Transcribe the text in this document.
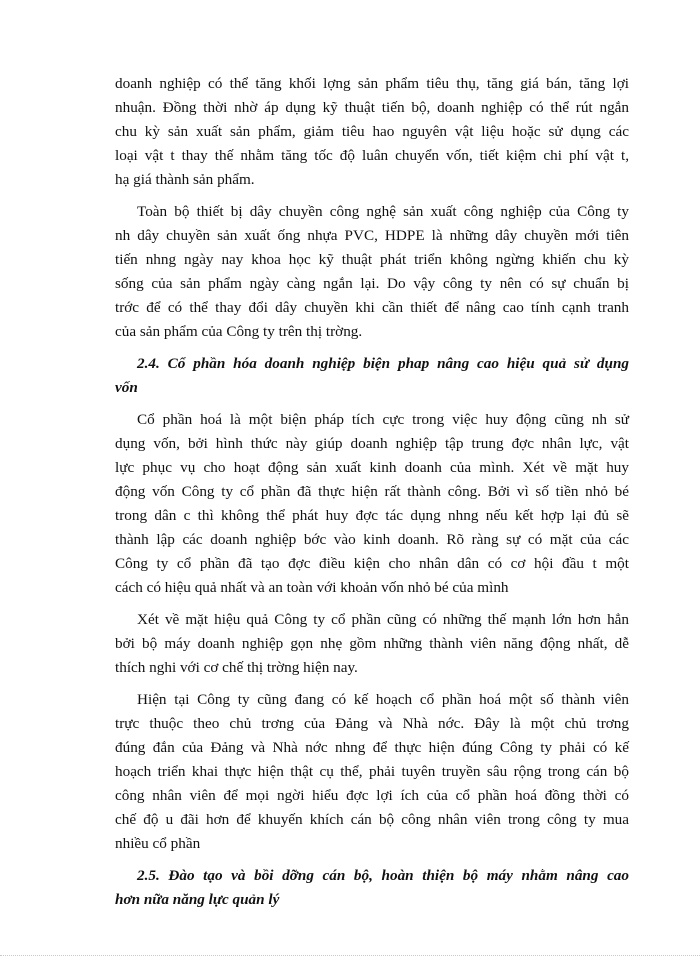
doanh nghiệp có thể tăng khối lợng sản phẩm tiêu thụ, tăng giá bán, tăng lợi
nhuận. Đồng thời nhờ áp dụng kỹ thuật tiến bộ, doanh nghiệp có thể rút ngắn
chu kỳ sản xuất sản phẩm, giảm tiêu hao nguyên vật liệu hoặc sử dụng các
loại vật t thay thế nhằm tăng tốc độ luân chuyển vốn, tiết kiệm chi phí vật t,
hạ giá thành sản phẩm.
Toàn bộ thiết bị dây chuyền công nghệ sản xuất công nghiệp của Công ty
nh dây chuyền sản xuất ống nhựa PVC, HDPE là những dây chuyền mới tiên
tiến nhng ngày nay khoa học kỹ thuật phát triển không ngừng khiến chu kỳ
sống của sản phẩm ngày càng ngắn lại. Do vậy công ty nên có sự chuẩn bị
trớc để có thể thay đổi dây chuyền khi cần thiết để nâng cao tính cạnh tranh
của sản phẩm của Công ty trên thị trờng.
2.4. Cổ phần hóa doanh nghiệp biện phap nâng cao hiệu quả sử dụng
vốn
Cổ phần hoá là một biện pháp tích cực trong việc huy động cũng nh sử
dụng vốn, bởi hình thức này giúp doanh nghiệp tập trung đợc nhân lực, vật
lực phục vụ cho hoạt động sản xuất kinh doanh của mình. Xét về mặt huy
động vốn Công ty cổ phần đã thực hiện rất thành công. Bởi vì số tiền nhỏ bé
trong dân c thì không thể phát huy đợc tác dụng nhng nếu kết hợp lại đủ sẽ
thành lập các doanh nghiệp bớc vào kinh doanh. Rõ ràng sự có mặt của các
Công ty cổ phần đã tạo đợc điều kiện cho nhân dân có cơ hội đầu t một
cách có hiệu quả nhất và an toàn với khoản vốn nhỏ bé của mình
Xét về mặt hiệu quả Công ty cổ phần cũng có những thế mạnh lớn hơn hẳn
bởi bộ máy doanh nghiệp gọn nhẹ gồm những thành viên năng động nhất, dễ
thích nghi với cơ chế thị trờng hiện nay.
Hiện tại Công ty cũng đang có kế hoạch cổ phần hoá một số thành viên
trực thuộc theo chủ trơng của Đảng và Nhà nớc. Đây là một chủ trơng
đúng đắn của Đảng và Nhà nớc nhng để thực hiện đúng Công ty phải có kế
hoạch triển khai thực hiện thật cụ thể, phải tuyên truyền sâu rộng trong cán bộ
công nhân viên để mọi ngời hiểu đợc lợi ích của cổ phần hoá đồng thời có
chế độ u đãi hơn để khuyến khích cán bộ công nhân viên trong công ty mua
nhiều cổ phần
2.5. Đào tạo và bồi dỡng cán bộ, hoàn thiện bộ máy nhằm nâng cao
hơn nữa năng lực quản lý
